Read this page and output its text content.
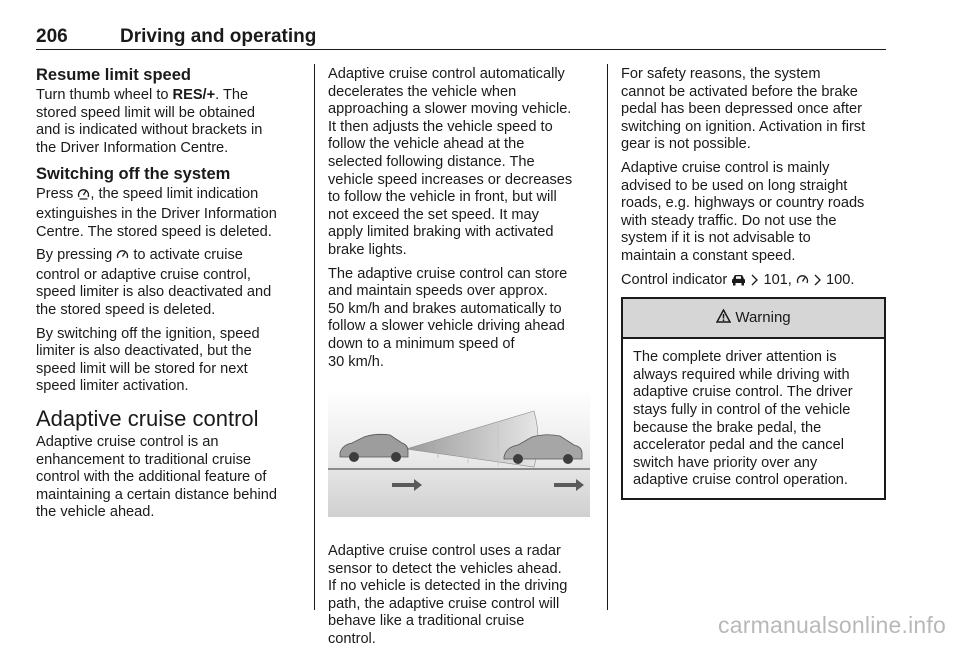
206	Driving and operating
Resume limit speed

Turn thumb wheel to RES/+. The
stored speed limit will be obtained
and is indicated without brackets in
the Driver Information Centre.

Switching off the system

Press , the speed limit indication
extinguishes in the Driver Information
Centre. The stored speed is deleted.

By pressing  to activate cruise
control or adaptive cruise control,
speed limiter is also deactivated and
the stored speed is deleted.

By switching off the ignition, speed
limiter is also deactivated, but the
speed limit will be stored for next
speed limiter activation.

Adaptive cruise control

Adaptive cruise control is an
enhancement to traditional cruise
control with the additional feature of
maintaining a certain distance behind
the vehicle ahead.

Adaptive cruise control automatically
decelerates the vehicle when
approaching a slower moving vehicle.
It then adjusts the vehicle speed to
follow the vehicle ahead at the
selected following distance. The
vehicle speed increases or decreases
to follow the vehicle in front, but will
not exceed the set speed. It may
apply limited braking with activated
brake lights.

The adaptive cruise control can store
and maintain speeds over approx.
50 km/h and brakes automatically to
follow a slower vehicle driving ahead
down to a minimum speed of
30 km/h.

Adaptive cruise control uses a radar
sensor to detect the vehicles ahead.
If no vehicle is detected in the driving
path, the adaptive cruise control will
behave like a traditional cruise
control.

For safety reasons, the system
cannot be activated before the brake
pedal has been depressed once after
switching on ignition. Activation in first
gear is not possible.

Adaptive cruise control is mainly
advised to be used on long straight
roads, e.g. highways or country roads
with steady traffic. Do not use the
system if it is not advisable to
maintain a constant speed.

Control indicator   101,   100.

Warning
The complete driver attention is
always required while driving with
adaptive cruise control. The driver
stays fully in control of the vehicle
because the brake pedal, the
accelerator pedal and the cancel
switch have priority over any
adaptive cruise control operation.
carmanualsonline.info
